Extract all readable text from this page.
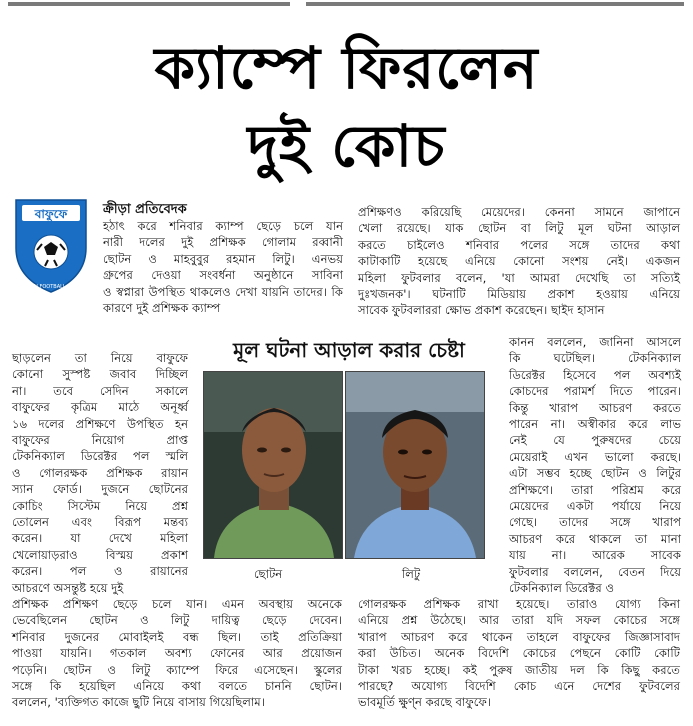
ক্যাম্পে ফিরলেন
দুই কোচ
বাফুফে
BANGLADESH FOOTBALL FEDERATION
ক্রীড়া প্রতিবেদক
হঠাৎ করে শনিবার ক্যাম্প ছেড়ে চলে যান
নারী দলের দুই প্রশিক্ষক গোলাম রব্বানী
ছোটন ও মাহবুবুর রহমান লিটু। এনভয়
গ্রুপের দেওয়া সংবর্ধনা অনুষ্ঠানে সাবিনা
ও স্বপ্নারা উপস্থিত থাকলেও দেখা যায়নি তাদের। কি
কারণে দুই প্রশিক্ষক ক্যাম্প
ছাড়লেন তা নিয়ে বাফুফে
কোনো সুস্পষ্ট জবাব দিচ্ছিল
না। তবে সেদিন সকালে
বাফুফের কৃত্রিম মাঠে অনূর্ধ্ব
১৬ দলের প্রশিক্ষণে উপস্থিত হন
বাফুফের নিয়োগ প্রাপ্ত
টেকনিক্যাল ডিরেক্টর পল স্মলি
ও গোলরক্ষক প্রশিক্ষক রায়ান
স্যান ফোর্ড। দুজনে ছোটনের
কোচিং সিস্টেম নিয়ে প্রশ্ন
তোলেন এবং বিরূপ মন্তব্য
করেন। যা দেখে মহিলা
খেলোয়াড়রাও বিস্ময় প্রকাশ
করেন। পল ও রায়ানের
আচরণে অসন্তুষ্ট হয়ে দুই
প্রশিক্ষক প্রশিক্ষণ ছেড়ে চলে যান। এমন অবস্থায় অনেকে
ভেবেছিলেন ছোটন ও লিটু দায়িত্ব ছেড়ে দেবেন।
শনিবার দুজনের মোবাইলই বন্ধ ছিল। তাই প্রতিক্রিয়া
পাওয়া যায়নি। গতকাল অবশ্য ফোনের আর প্রয়োজন
পড়েনি। ছোটন ও লিটু ক্যাম্পে ফিরে এসেছেন। স্কুলের
সঙ্গে কি হয়েছিল এনিয়ে কথা বলতে চাননি ছোটন।
বললেন, 'ব্যক্তিগত কাজে ছুটি নিয়ে বাসায় গিয়েছিলাম।
প্রশিক্ষণও করিয়েছি মেয়েদের। কেননা সামনে জাপানে
খেলা রয়েছে। যাক ছোটন বা লিটু মূল ঘটনা আড়াল
করতে চাইলেও শনিবার পলের সঙ্গে তাদের কথা
কাটাকাটি হয়েছে এনিয়ে কোনো সংশয় নেই। একজন
মহিলা ফুটবলার বলেন, 'যা আমরা দেখেছি তা সত্যিই
দুঃখজনক'। ঘটনাটি মিডিয়ায় প্রকাশ হওয়ায় এনিয়ে
সাবেক ফুটবলাররা ক্ষোভ প্রকাশ করেছেন। ছাইদ হাসান
কানন বললেন, জানিনা আসলে
কি ঘটেছিল। টেকনিক্যাল
ডিরেক্টর হিসেবে পল অবশ্যই
কোচদের পরামর্শ দিতে পারেন।
কিন্তু খারাপ আচরণ করতে
পারেন না। অস্বীকার করে লাভ
নেই যে পুরুষদের চেয়ে
মেয়েরাই এখন ভালো করছে।
এটা সম্ভব হচ্ছে ছোটন ও লিটুর
প্রশিক্ষণে। তারা পরিশ্রম করে
মেয়েদের একটা পর্যায়ে নিয়ে
গেছে। তাদের সঙ্গে খারাপ
আচরণ করে থাকলে তা মানা
যায় না। আরেক সাবেক
ফুটবলার বললেন, বেতন দিয়ে
টেকনিক্যাল ডিরেক্টর ও
গোলরক্ষক প্রশিক্ষক রাখা হয়েছে। তারাও যোগ্য কিনা
এনিয়ে প্রশ্ন উঠেছে। আর তারা যদি সফল কোচের সঙ্গে
খারাপ আচরণ করে থাকেন তাহলে বাফুফের জিজ্ঞাসাবাদ
করা উচিত। অনেক বিদেশি কোচের পেছনে কোটি কোটি
টাকা খরচ হচ্ছে। কই পুরুষ জাতীয় দল কি কিছু করতে
পারছে? অযোগ্য বিদেশি কোচ এনে দেশের ফুটবলের
ভাবমূর্তি ক্ষুণ্ন করছে বাফুফে।
মূল ঘটনা আড়াল করার চেষ্টা
ছোটন	লিটু
